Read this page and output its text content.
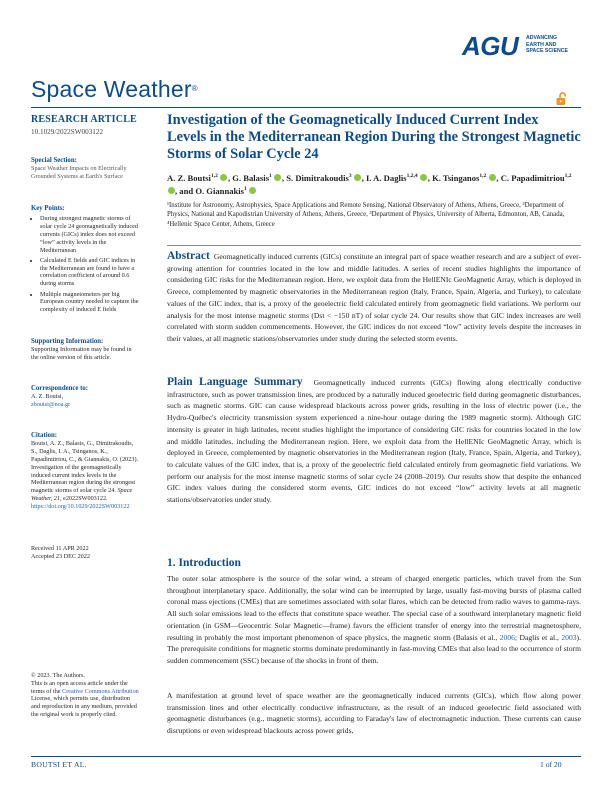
AGU ADVANCING
EARTH AND
SPACE SCIENCE
Space Weather®
RESEARCH ARTICLE
10.1029/2022SW003122
Special Section:
Space Weather Impacts on Electrically Grounded Systems at Earth's Surface
Key Points:
• During strongest magnetic storms of solar cycle 24 geomagnetically induced currents (GICs) index does not exceed “low” activity levels in the Mediterranean
• Calculated E fields and GIC indices in the Mediterranean are found to have a correlation coefficient of around 0.6 during storms
• Multiple magnetometers per big European country needed to capture the complexity of induced E fields
Supporting Information:
Supporting Information may be found in the online version of this article.
Correspondence to:
A. Z. Boutsi,
zboutsi@noa.gr
Citation:
Boutsi, A. Z., Balasis, G., Dimitrakoudis, S., Daglis, I. A., Tsinganos, K., Papadimitriou, C., & Giannakis, O. (2023). Investigation of the geomagnetically induced current index levels in the Mediterranean region during the strongest magnetic storms of solar cycle 24. Space Weather, 21, e2022SW003122. https://doi.org/10.1029/2022SW003122
Received 11 APR 2022
Accepted 23 DEC 2022
© 2023. The Authors.
This is an open access article under the terms of the Creative Commons Attribution License, which permits use, distribution and reproduction in any medium, provided the original work is properly cited.
Investigation of the Geomagnetically Induced Current Index Levels in the Mediterranean Region During the Strongest Magnetic Storms of Solar Cycle 24
A. Z. Boutsi$^{1,2}$ , G. Balasis$^1$ , S. Dimitrakoudis$^3$ , I. A. Daglis$^{1,2,4}$ , K. Tsinganos$^{1,2}$ , C. Papadimitriou$^{1,2}$ , and O. Giannakis$^1$
¹Institute for Astronomy, Astrophysics, Space Applications and Remote Sensing, National Observatory of Athens, Athens, Greece, ²Department of Physics, National and Kapodistrian University of Athens, Athens, Greece, ³Department of Physics, University of Alberta, Edmonton, AB, Canada, ⁴Hellenic Space Center, Athens, Greece
Abstract Geomagnetically induced currents (GICs) constitute an integral part of space weather research and are a subject of ever-growing attention for countries located in the low and middle latitudes. A series of recent studies highlights the importance of considering GIC risks for the Mediterranean region. Here, we exploit data from the HellENIc GeoMagnetic Array, which is deployed in Greece, complemented by magnetic observatories in the Mediterranean region (Italy, France, Spain, Algeria, and Turkey), to calculate values of the GIC index, that is, a proxy of the geoelectric field calculated entirely from geomagnetic field variations. We perform our analysis for the most intense magnetic storms (Dst < −150 nT) of solar cycle 24. Our results show that GIC index increases are well correlated with storm sudden commencements. However, the GIC indices do not exceed “low” activity levels despite the increases in their values, at all magnetic stations/observatories under study during the selected storm events.
Plain Language Summary Geomagnetically induced currents (GICs) flowing along electrically conductive infrastructure, such as power transmission lines, are produced by a naturally induced geoelectric field during geomagnetic disturbances, such as magnetic storms. GIC can cause widespread blackouts across power grids, resulting in the loss of electric power (i.e., the Hydro-Québec's electricity transmission system experienced a nine-hour outage during the 1989 magnetic storm). Although GIC intensity is greater in high latitudes, recent studies highlight the importance of considering GIC risks for countries located in the low and middle latitudes, including the Mediterranean region. Here, we exploit data from the HellENIc GeoMagnetic Array, which is deployed in Greece, complemented by magnetic observatories in the Mediterranean region (Italy, France, Spain, Algeria, and Turkey), to calculate values of the GIC index, that is, a proxy of the geoelectric field calculated entirely from geomagnetic field variations. We perform our analysis for the most intense magnetic storms of solar cycle 24 (2008–2019). Our results show that despite the enhanced GIC index values during the considered storm events, GIC indices do not exceed “low” activity levels at all magnetic stations/observatories under study.
1. Introduction
The outer solar atmosphere is the source of the solar wind, a stream of charged energetic particles, which travel from the Sun throughout interplanetary space. Additionally, the solar wind can be interrupted by large, usually fast-moving bursts of plasma called coronal mass ejections (CMEs) that are sometimes associated with solar flares, which can be detected from radio waves to gamma-rays. All such solar emissions lead to the effects that constitute space weather. The special case of a southward interplanetary magnetic field orientation (in GSM—Geocentric Solar Magnetic—frame) favors the efficient transfer of energy into the terrestrial magnetosphere, resulting in probably the most important phenomenon of space physics, the magnetic storm (Balasis et al., 2006; Daglis et al., 2003). The prerequisite conditions for magnetic storms dominate predominantly in fast-moving CMEs that also lead to the occurrence of storm sudden commencement (SSC) because of the shocks in front of them.
A manifestation at ground level of space weather are the geomagnetically induced currents (GICs), which flow along power transmission lines and other electrically conductive infrastructure, as the result of an induced geoelectric field associated with geomagnetic disturbances (e.g., magnetic storms), according to Faraday's law of electromagnetic induction. These currents can cause disruptions or even widespread blackouts across power grids,
BOUTSI ET AL.	1 of 20
